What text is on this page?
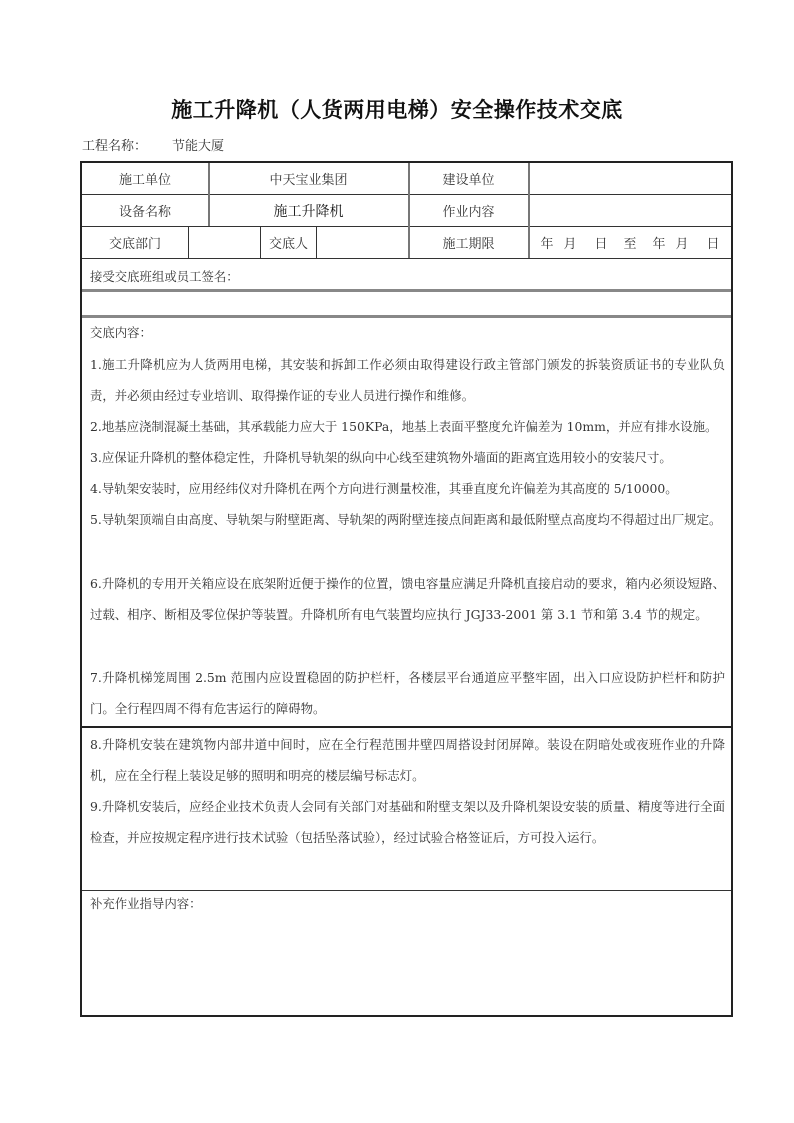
施工升降机（人货两用电梯）安全操作技术交底
工程名称： 节能大厦
施工单位	中天宝业集团	建设单位
设备名称	施工升降机	作业内容
交底部门	交底人	施工期限	年 月 日 至 年 月 日
接受交底班组或员工签名：
交底内容：
1.施工升降机应为人货两用电梯，其安装和拆卸工作必须由取得建设行政主管部门颁发的拆装资质证书的专业队负责，并必须由经过专业培训、取得操作证的专业人员进行操作和维修。
2.地基应浇制混凝土基础，其承载能力应大于 150KPa，地基上表面平整度允许偏差为 10mm，并应有排水设施。
3.应保证升降机的整体稳定性，升降机导轨架的纵向中心线至建筑物外墙面的距离宜选用较小的安装尺寸。
4.导轨架安装时，应用经纬仪对升降机在两个方向进行测量校准，其垂直度允许偏差为其高度的 5/10000。
5.导轨架顶端自由高度、导轨架与附壁距离、导轨架的两附壁连接点间距离和最低附壁点高度均不得超过出厂规定。
6.升降机的专用开关箱应设在底架附近便于操作的位置，馈电容量应满足升降机直接启动的要求，箱内必须设短路、过载、相序、断相及零位保护等装置。升降机所有电气装置均应执行 JGJ33-2001 第 3.1 节和第 3.4 节的规定。
7.升降机梯笼周围 2.5m 范围内应设置稳固的防护栏杆，各楼层平台通道应平整牢固，出入口应设防护栏杆和防护门。全行程四周不得有危害运行的障碍物。
8.升降机安装在建筑物内部井道中间时，应在全行程范围井壁四周搭设封闭屏障。装设在阴暗处或夜班作业的升降机，应在全行程上装设足够的照明和明亮的楼层编号标志灯。
9.升降机安装后，应经企业技术负责人会同有关部门对基础和附壁支架以及升降机架设安装的质量、精度等进行全面检查，并应按规定程序进行技术试验（包括坠落试验），经过试验合格签证后，方可投入运行。
补充作业指导内容：
